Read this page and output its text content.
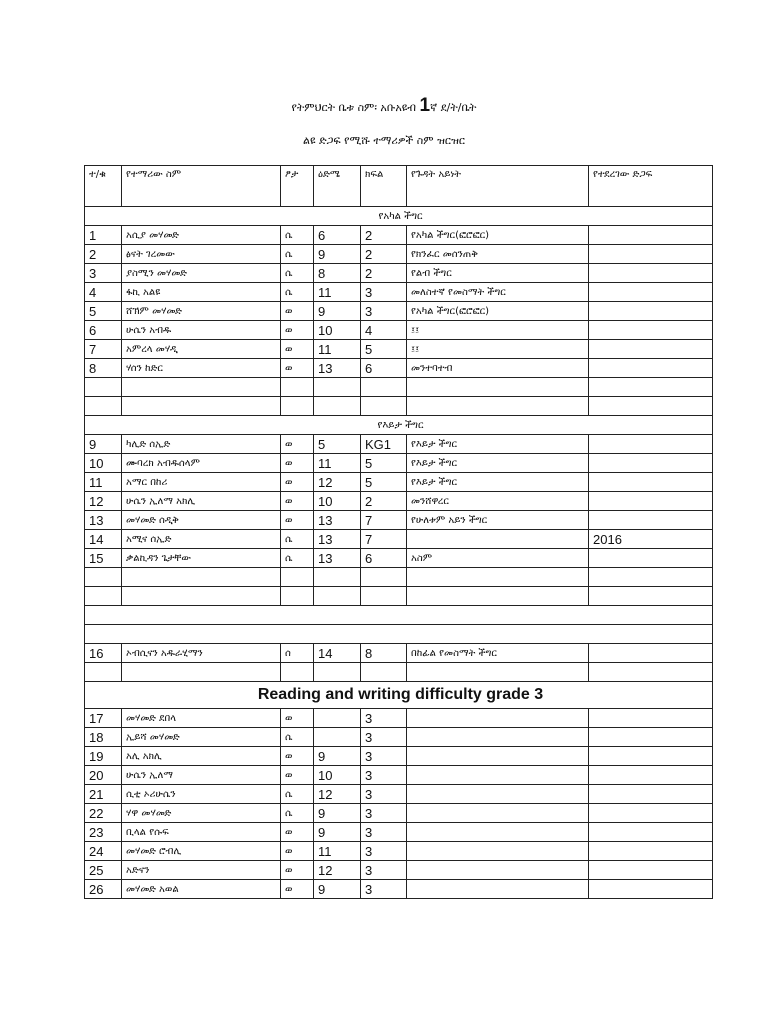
የትምህርት ቤቱ ስም፡ አቡአዩብ 1ኛ ደ/ት/ቤት
ልዩ ድጋፍ የሚሹ ተማሪዎች ስም ዝርዝር
ተ/ቁ	የተማሪው ስም	ፆታ	ዕድሜ	ክፍል	የጉዳት አይነት	የተደረገው ድጋፍ
የአካል ችግር						
1	አሲያ መሃመድ	ሴ	6	2	የአካል ችግር(ፎሮፎር)	
2	ፅናት ገረመው	ሴ	9	2	የክንፈር መሰንጠቅ	
3	ያስሚን መሃመድ	ሴ	8	2	የልብ ችግር	
4	ፋኪ አልዩ	ሴ	11	3	መለስተኛ የመስማት ችግር	
5	ሸኽም መሃመድ	ወ	9	3	የአካል ችግር(ፎሮፎር)	
6	ሁሴን አብዱ	ወ	10	4	፤፤	
7	አምረላ መሃዲ	ወ	11	5	፤፤	
8	ሃሰን ከድር	ወ	13	6	መንተባተብ	

የእይታ ችግር						
9	ካሊድ ሰኢድ	ወ	5	KG1	የእይታ ችግር	
10	ሙባረክ አብዱሰላም	ወ	11	5	የእይታ ችግር	
11	አማር በከሪ	ወ	12	5	የእይታ ችግር	
12	ሁሴን ኢለማ አክሊ	ወ	10	2	መንሸዋረር	
13	መሃመድ ሰዲቅ	ወ	13	7	የሁለቱም አይን ችግር	
14	አሚና ሰኢድ	ሴ	13	7		2016
15	ቃልኪዳን ጌታቸው	ሴ	13	6	አስም	

16	ኦብሲናን አዱራሂማን	ሰ	14	8	በከፊል የመስማት ችግር	

Reading and writing difficulty grade 3						
17	መሃመድ ደበላ	ወ		3		
18	ኢይሻ መሃመድ	ሴ		3		
19	አሊ አክሊ	ወ	9	3		
20	ሁሴን ኢለማ	ወ	10	3		
21	ሲቲ ኦሪሁሴን	ሴ	12	3		
22	ሃዋ መሃመድ	ሴ	9	3		
23	ቢላል የሱፍ	ወ	9	3		
24	መሃመድ ሮብሊ	ወ	11	3		
25	አድናን	ወ	12	3		
26	መሃመድ አወል	ወ	9	3		
